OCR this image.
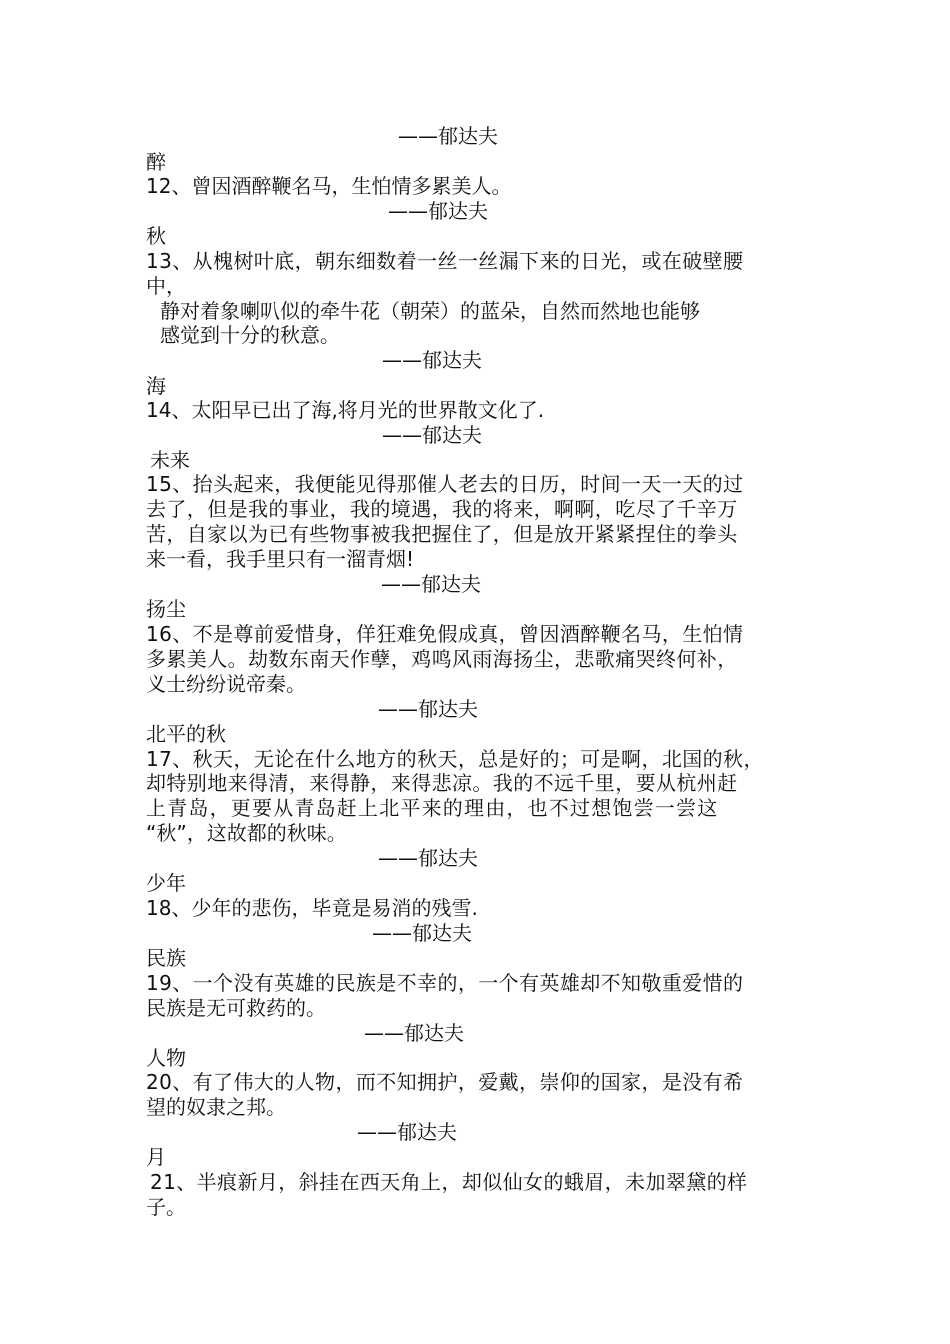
——郁达夫
醉
12、曾因酒醉鞭名马，生怕情多累美人。
——郁达夫
秋
13、从槐树叶底，朝东细数着一丝一丝漏下来的日光，或在破壁腰
中，
静对着象喇叭似的牵牛花（朝荣）的蓝朵，自然而然地也能够
感觉到十分的秋意。
——郁达夫
海
14、太阳早已出了海,将月光的世界散文化了.
——郁达夫
未来
15、抬头起来，我便能见得那催人老去的日历，时间一天一天的过
去了，但是我的事业，我的境遇，我的将来，啊啊，吃尽了千辛万
苦，自家以为已有些物事被我把握住了，但是放开紧紧捏住的拳头
来一看，我手里只有一溜青烟!
——郁达夫
扬尘
16、不是尊前爱惜身，佯狂难免假成真，曾因酒醉鞭名马，生怕情
多累美人。劫数东南天作孽，鸡鸣风雨海扬尘，悲歌痛哭终何补，
义士纷纷说帝秦。
——郁达夫
北平的秋
17、秋天，无论在什么地方的秋天，总是好的；可是啊，北国的秋，
却特别地来得清，来得静，来得悲凉。我的不远千里，要从杭州赶
上青岛，更要从青岛赶上北平来的理由，也不过想饱尝一尝这
“秋”，这故都的秋味。
——郁达夫
少年
18、少年的悲伤，毕竟是易消的残雪.
——郁达夫
民族
19、一个没有英雄的民族是不幸的，一个有英雄却不知敬重爱惜的
民族是无可救药的。
——郁达夫
人物
20、有了伟大的人物，而不知拥护，爱戴，崇仰的国家，是没有希
望的奴隶之邦。
——郁达夫
月
21、半痕新月，斜挂在西天角上，却似仙女的蛾眉，未加翠黛的样
子。
